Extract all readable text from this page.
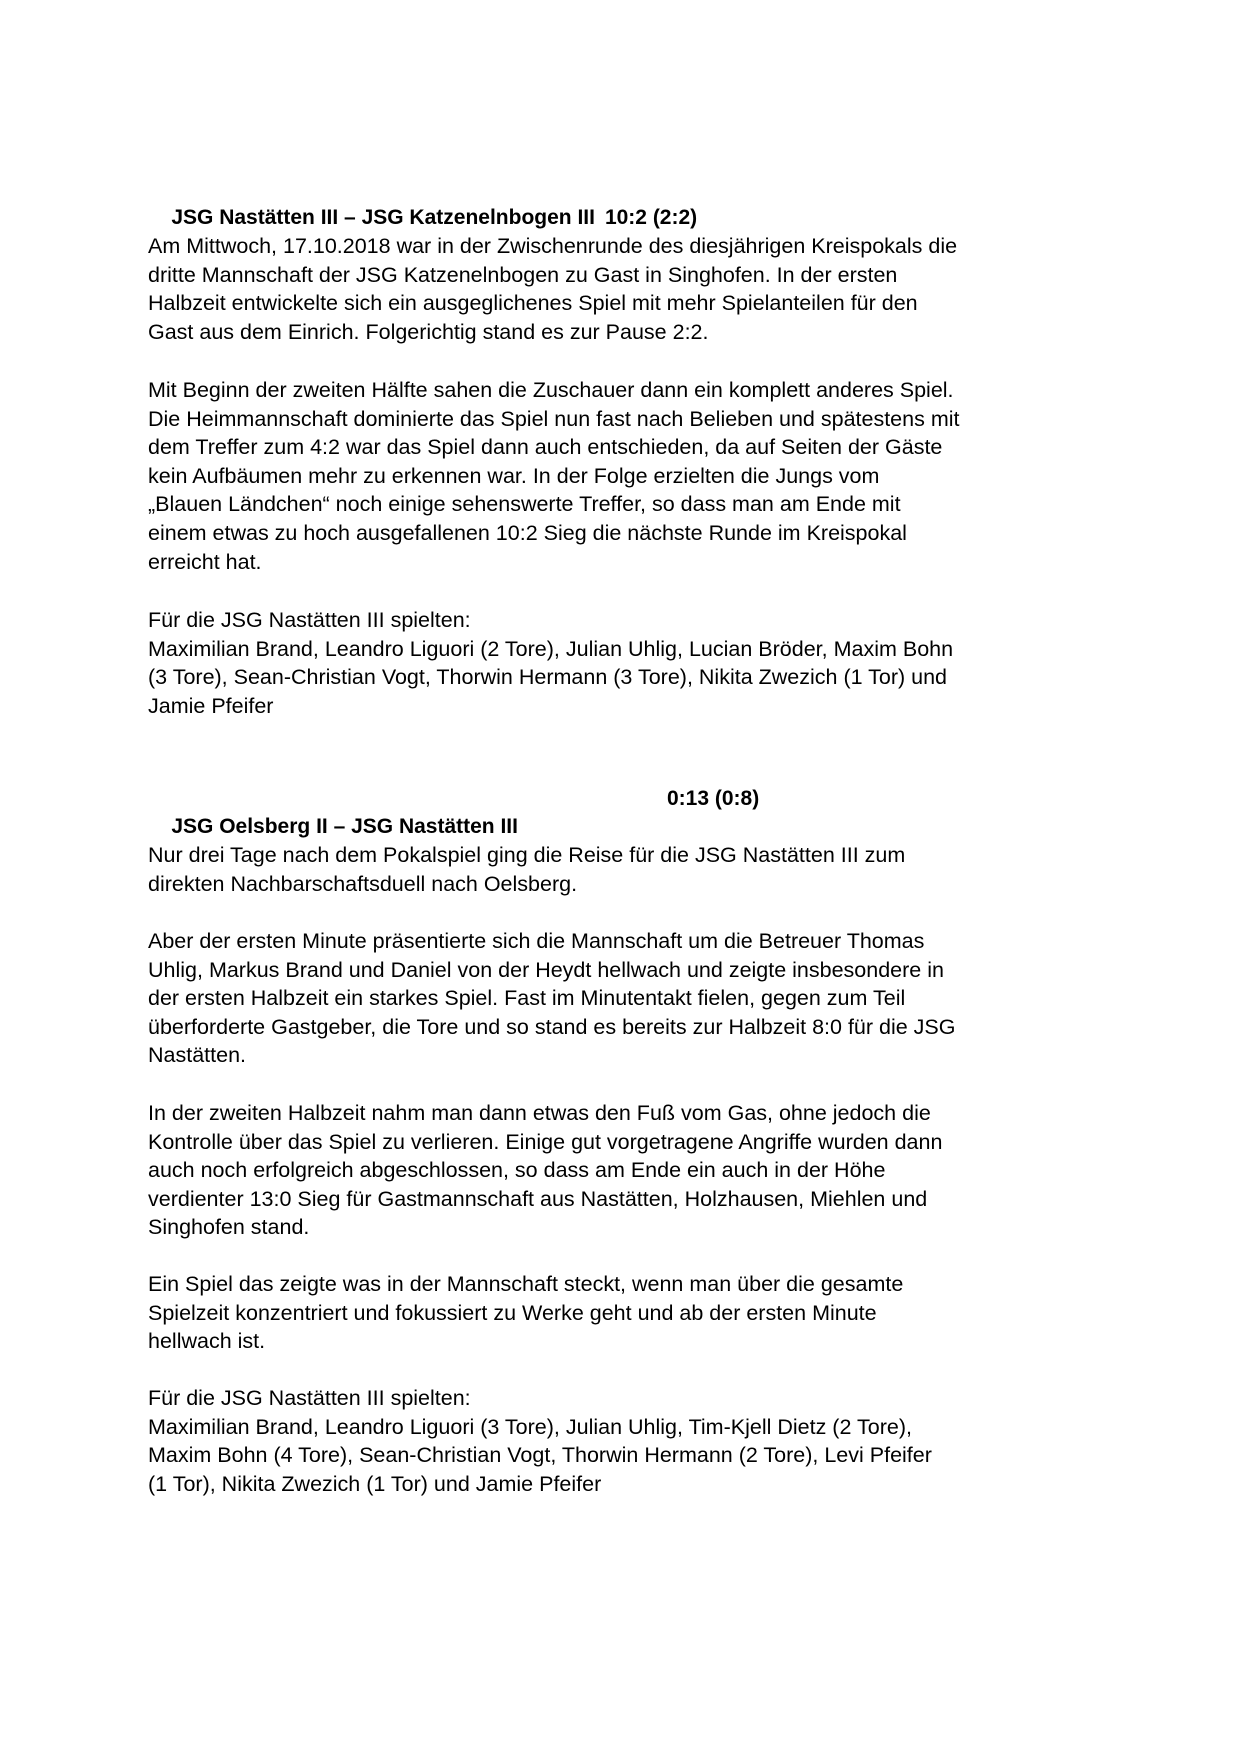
JSG Nastätten III – JSG Katzenelnbogen III 10:2 (2:2)

Am Mittwoch, 17.10.2018 war in der Zwischenrunde des diesjährigen Kreispokals die
dritte Mannschaft der JSG Katzenelnbogen zu Gast in Singhofen. In der ersten
Halbzeit entwickelte sich ein ausgeglichenes Spiel mit mehr Spielanteilen für den
Gast aus dem Einrich. Folgerichtig stand es zur Pause 2:2.

Mit Beginn der zweiten Hälfte sahen die Zuschauer dann ein komplett anderes Spiel.
Die Heimmannschaft dominierte das Spiel nun fast nach Belieben und spätestens mit
dem Treffer zum 4:2 war das Spiel dann auch entschieden, da auf Seiten der Gäste
kein Aufbäumen mehr zu erkennen war. In der Folge erzielten die Jungs vom
„Blauen Ländchen“ noch einige sehenswerte Treffer, so dass man am Ende mit
einem etwas zu hoch ausgefallenen 10:2 Sieg die nächste Runde im Kreispokal
erreicht hat.

Für die JSG Nastätten III spielten:
Maximilian Brand, Leandro Liguori (2 Tore), Julian Uhlig, Lucian Bröder, Maxim Bohn
(3 Tore), Sean-Christian Vogt, Thorwin Hermann (3 Tore), Nikita Zwezich (1 Tor) und
Jamie Pfeifer

JSG Oelsberg II – JSG Nastätten III
0:13 (0:8)

Nur drei Tage nach dem Pokalspiel ging die Reise für die JSG Nastätten III zum
direkten Nachbarschaftsduell nach Oelsberg.

Aber der ersten Minute präsentierte sich die Mannschaft um die Betreuer Thomas
Uhlig, Markus Brand und Daniel von der Heydt hellwach und zeigte insbesondere in
der ersten Halbzeit ein starkes Spiel. Fast im Minutentakt fielen, gegen zum Teil
überforderte Gastgeber, die Tore und so stand es bereits zur Halbzeit 8:0 für die JSG
Nastätten.

In der zweiten Halbzeit nahm man dann etwas den Fuß vom Gas, ohne jedoch die
Kontrolle über das Spiel zu verlieren. Einige gut vorgetragene Angriffe wurden dann
auch noch erfolgreich abgeschlossen, so dass am Ende ein auch in der Höhe
verdienter 13:0 Sieg für Gastmannschaft aus Nastätten, Holzhausen, Miehlen und
Singhofen stand.

Ein Spiel das zeigte was in der Mannschaft steckt, wenn man über die gesamte
Spielzeit konzentriert und fokussiert zu Werke geht und ab der ersten Minute
hellwach ist.

Für die JSG Nastätten III spielten:
Maximilian Brand, Leandro Liguori (3 Tore), Julian Uhlig, Tim-Kjell Dietz (2 Tore),
Maxim Bohn (4 Tore), Sean-Christian Vogt, Thorwin Hermann (2 Tore), Levi Pfeifer
(1 Tor), Nikita Zwezich (1 Tor) und Jamie Pfeifer
